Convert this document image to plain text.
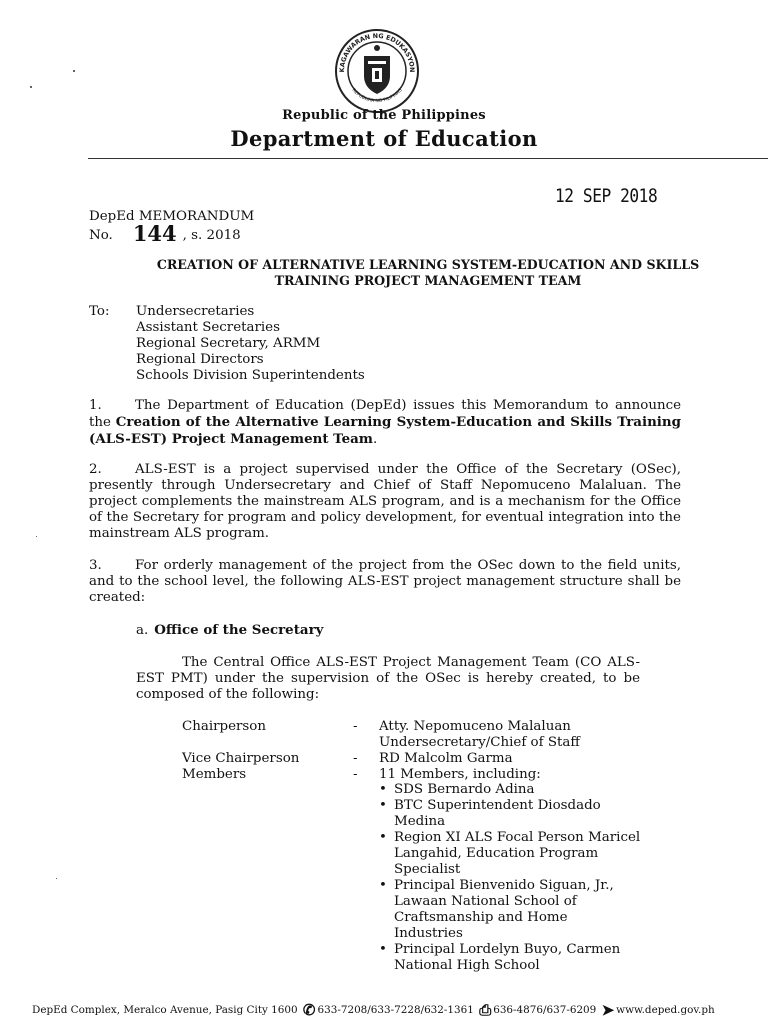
KAGAWARAN NG EDUKASYON
REPUBLIKA NG PILIPINAS
Republic of the Philippines
Department of Education
12 SEP 2018
DepEd MEMORANDUM
No. 144 , s. 2018
CREATION OF ALTERNATIVE LEARNING SYSTEM-EDUCATION AND SKILLS
TRAINING PROJECT MANAGEMENT TEAM
To: Undersecretaries
Assistant Secretaries
Regional Secretary, ARMM
Regional Directors
Schools Division Superintendents
1. The Department of Education (DepEd) issues this Memorandum to announce
the Creation of the Alternative Learning System-Education and Skills Training
(ALS-EST) Project Management Team.
2. ALS-EST is a project supervised under the Office of the Secretary (OSec),
presently through Undersecretary and Chief of Staff Nepomuceno Malaluan. The
project complements the mainstream ALS program, and is a mechanism for the Office
of the Secretary for program and policy development, for eventual integration into the
mainstream ALS program.
3. For orderly management of the project from the OSec down to the field units,
and to the school level, the following ALS-EST project management structure shall be
created:
a. Office of the Secretary
The Central Office ALS-EST Project Management Team (CO ALS-
EST PMT) under the supervision of the OSec is hereby created, to be
composed of the following:
Chairperson	- Atty. Nepomuceno Malaluan
Undersecretary/Chief of Staff
Vice Chairperson	- RD Malcolm Garma
Members	- 11 Members, including:
• SDS Bernardo Adina
• BTC Superintendent Diosdado
Medina
• Region XI ALS Focal Person Maricel
Langahid, Education Program
Specialist
• Principal Bienvenido Siguan, Jr.,
Lawaan National School of
Craftsmanship and Home
Industries
• Principal Lordelyn Buyo, Carmen
National High School
DepEd Complex, Meralco Avenue, Pasig City 1600 ✆ 633-7208/633-7228/632-1361 ⎙ 636-4876/637-6209 ➤ www.deped.gov.ph
